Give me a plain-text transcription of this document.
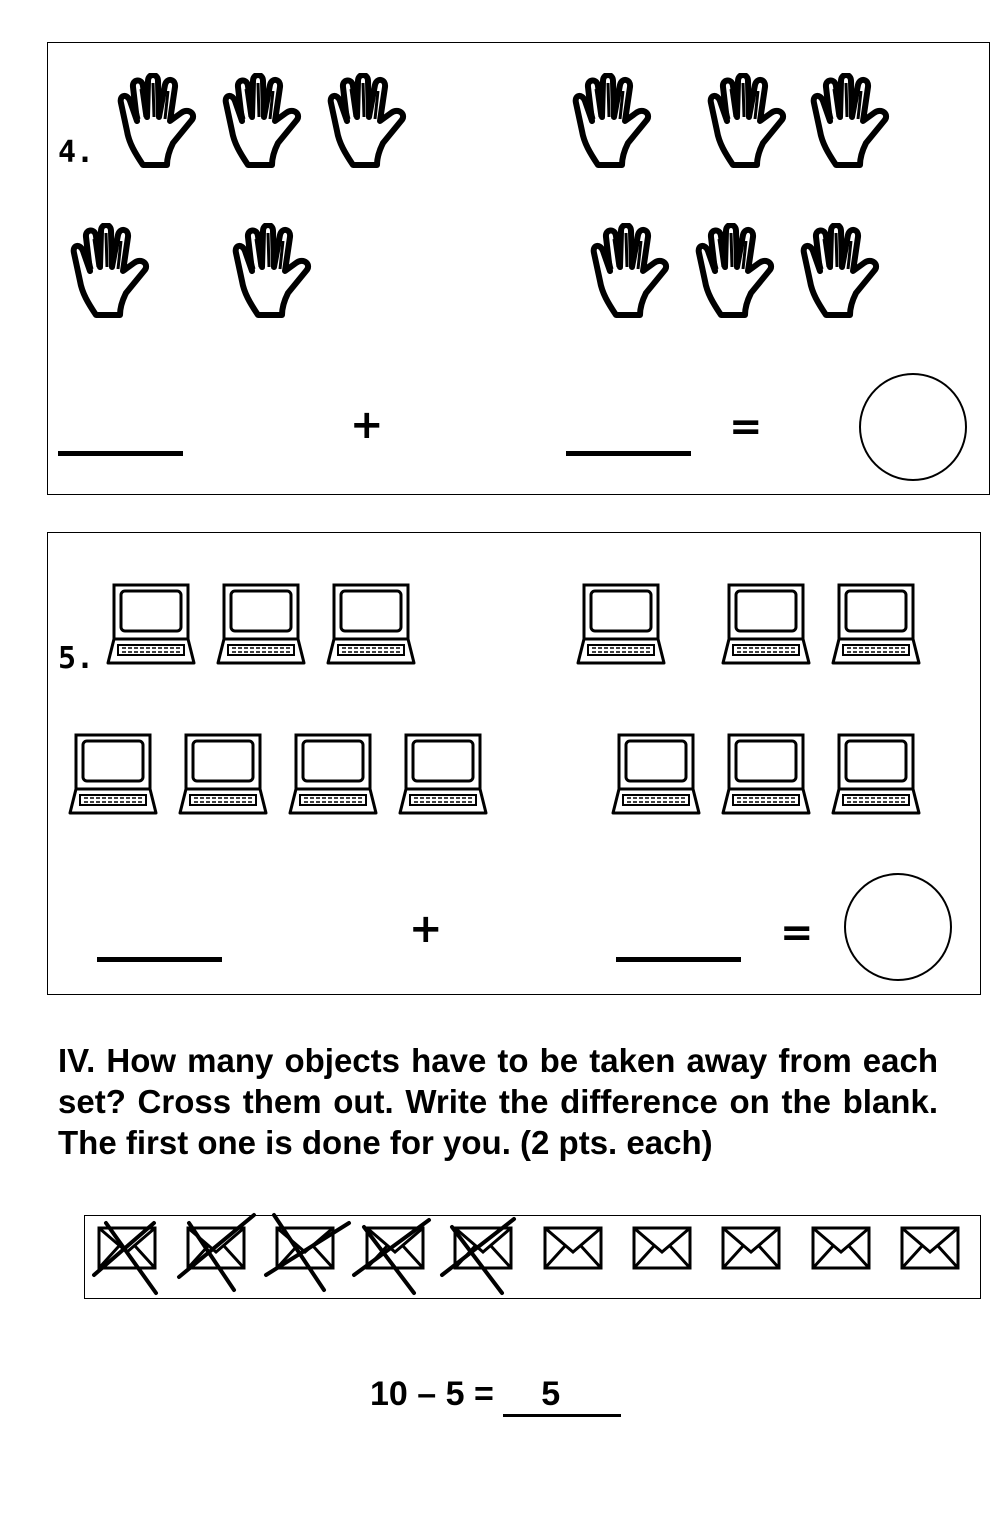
4.
+	=
5.
+	=
IV. How many objects have to be taken away from each set? Cross them out. Write the difference on the blank. The first one is done for you. (2 pts. each)
10 – 5 = 5
